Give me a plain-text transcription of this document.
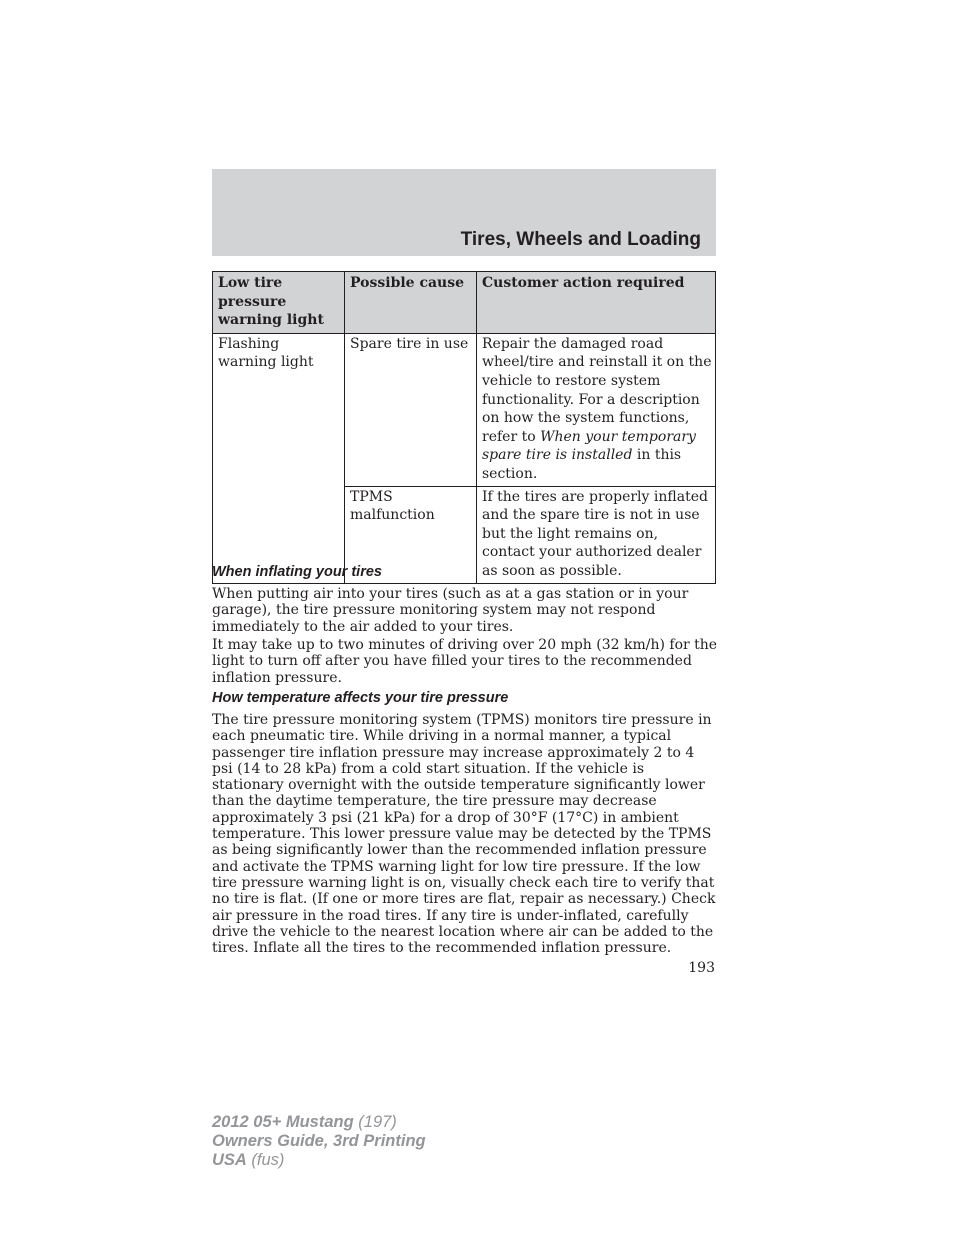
Tires, Wheels and Loading
Low tire pressure warning light	Possible cause	Customer action required
Flashing warning light	Spare tire in use	Repair the damaged road wheel/tire and reinstall it on the vehicle to restore system functionality. For a description on how the system functions, refer to When your temporary spare tire is installed in this section.
	TPMS malfunction	If the tires are properly inflated and the spare tire is not in use but the light remains on, contact your authorized dealer as soon as possible.
When inflating your tires
When putting air into your tires (such as at a gas station or in your garage), the tire pressure monitoring system may not respond immediately to the air added to your tires.
It may take up to two minutes of driving over 20 mph (32 km/h) for the light to turn off after you have filled your tires to the recommended inflation pressure.
How temperature affects your tire pressure
The tire pressure monitoring system (TPMS) monitors tire pressure in each pneumatic tire. While driving in a normal manner, a typical passenger tire inflation pressure may increase approximately 2 to 4 psi (14 to 28 kPa) from a cold start situation. If the vehicle is stationary overnight with the outside temperature significantly lower than the daytime temperature, the tire pressure may decrease approximately 3 psi (21 kPa) for a drop of 30°F (17°C) in ambient temperature. This lower pressure value may be detected by the TPMS as being significantly lower than the recommended inflation pressure and activate the TPMS warning light for low tire pressure. If the low tire pressure warning light is on, visually check each tire to verify that no tire is flat. (If one or more tires are flat, repair as necessary.) Check air pressure in the road tires. If any tire is under-inflated, carefully drive the vehicle to the nearest location where air can be added to the tires. Inflate all the tires to the recommended inflation pressure.
193
2012 05+ Mustang (197)
Owners Guide, 3rd Printing
USA (fus)
